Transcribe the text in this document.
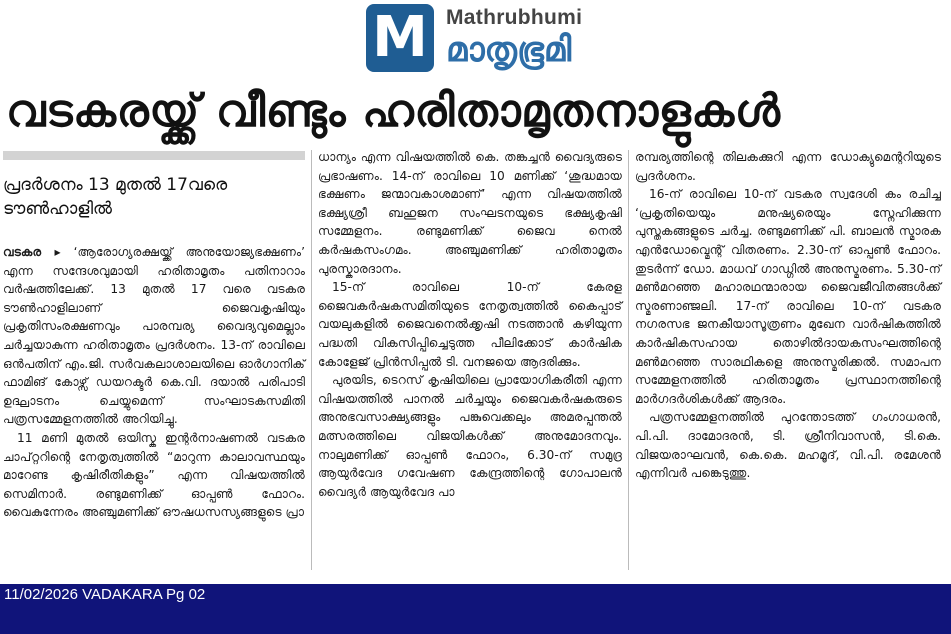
M Mathrubhumi
മാതൃഭൂമി
വടകരയ്ക്ക് വീണ്ടും ഹരിതാമൃതനാളുകൾ
പ്രദർശനം 13 മുതൽ 17വരെ ടൗൺഹാളിൽ

വടകര ▸ ‘ആരോഗ്യരക്ഷയ്ക്ക് അനുയോജ്യഭക്ഷണം’ എന്ന സന്ദേശവുമായി ഹരിതാമൃതം പതിനാറാം വർഷത്തിലേക്ക്. 13 മുതൽ 17 വരെ വടകര ടൗൺഹാളിലാണ് ജൈവകൃഷിയും പ്രകൃതിസംരക്ഷണവും പാരമ്പര്യ വൈദ്യവുമെല്ലാം ചർച്ചയാകുന്ന ഹരിതാമൃതം പ്രദർശനം. 13-ന് രാവിലെ ഒൻപതിന് എം.ജി. സർവകലാശാലയിലെ ഓർഗാനിക് ഫാമിങ് കോഴ്സ് ഡയറക്ടർ കെ.വി. ദയാൽ പരിപാടി ഉദ്ഘാടനം ചെയ്യുമെന്ന് സംഘാടകസമിതി പത്രസമ്മേളനത്തിൽ അറിയിച്ചു.

11 മണി മുതൽ ഒയിസ്ക ഇന്റർനാഷണൽ വടകര ചാപ്റ്ററിന്റെ നേതൃത്വത്തിൽ “മാറുന്ന കാലാവസ്ഥയും മാറേണ്ട കൃഷിരീതികളും” എന്ന വിഷയത്തിൽ സെമിനാർ. രണ്ടുമണിക്ക് ഓപ്പൺ ഫോറം. വൈകുന്നേരം അഞ്ചുമണിക്ക് ഔഷധസസ്യങ്ങളുടെ പ്രാ

ധാന്യം എന്ന വിഷയത്തിൽ കെ. തങ്കച്ചൻ വൈദ്യരുടെ പ്രഭാഷണം. 14-ന് രാവിലെ 10 മണിക്ക് ‘ശുദ്ധമായ ഭക്ഷണം ജന്മാവകാശമാണ്’ എന്ന വിഷയത്തിൽ ഭക്ഷ്യശ്രീ ബഹുജന സംഘടനയുടെ ഭക്ഷ്യകൃഷി സമ്മേളനം. രണ്ടുമണിക്ക് ജൈവ നെൽ കർഷകസംഗമം. അഞ്ചുമണിക്ക് ഹരിതാമൃതം പുരസ്കാരദാനം.

15-ന് രാവിലെ 10-ന് കേരള ജൈവകർഷകസമിതിയുടെ നേതൃത്വത്തിൽ കൈപ്പാട് വയലുകളിൽ ജൈവനെൽക്കൃഷി നടത്താൻ കഴിയുന്ന പദ്ധതി വികസിപ്പിച്ചെടുത്ത പീലിക്കോട് കാർഷിക കോളേജ് പ്രിൻസിപ്പൽ ടി. വനജയെ ആദരിക്കും.

പുരയിട, ടെറസ് കൃഷിയിലെ പ്രായോഗികരീതി എന്ന വിഷയത്തിൽ പാനൽ ചർച്ചയും ജൈവകർഷകരുടെ അനുഭവസാക്ഷ്യങ്ങളും പങ്കുവെക്കലും അമരപ്പന്തൽ മത്സരത്തിലെ വിജയികൾക്ക് അനുമോദനവും. നാലുമണിക്ക് ഓപ്പൺ ഫോറം, 6.30-ന് സമുദ്ര ആയുർവേദ ഗവേഷണ കേന്ദ്രത്തിന്റെ ഗോപാലൻ വൈദ്യർ ആയുർവേദ പാ

രമ്പര്യത്തിന്റെ തിലകക്കുറി എന്ന ഡോക്യുമെന്ററിയുടെ പ്രദർശനം.

16-ന് രാവിലെ 10-ന് വടകര സ്വദേശി കം രചിച്ച ‘പ്രകൃതിയെയും മനുഷ്യരെയും സ്നേഹിക്കുന്ന പുസ്തകങ്ങളുടെ ചർച്ച. രണ്ടുമണിക്ക് പി. ബാലൻ സ്മാരക എൻഡോവ്മെന്റ് വിതരണം. 2.30-ന് ഓപ്പൺ ഫോറം. തുടർന്ന് ഡോ. മാധവ് ഗാഡ്ഗിൽ അനുസ്മരണം. 5.30-ന് മൺമറഞ്ഞ മഹാരഥന്മാരായ ജൈവജീവിതങ്ങൾക്ക് സ്മരണാഞ്ജലി. 17-ന് രാവിലെ 10-ന് വടകര നഗരസഭ ജനകീയാസൂത്രണം മുഖേന വാർഷികത്തിൽ കാർഷികസഹായ തൊഴിൽദായകസംഘത്തിന്റെ മൺമറഞ്ഞ സാരഥികളെ അനുസ്മരിക്കൽ. സമാപന സമ്മേളനത്തിൽ ഹരിതാമൃതം പ്രസ്ഥാനത്തിന്റെ മാർഗദർശികൾക്ക് ആദരം.

പത്രസമ്മേളനത്തിൽ പുറന്തോടത്ത് ഗംഗാധരൻ, പി.പി. ദാമോദരൻ, ടി. ശ്രീനിവാസൻ, ടി.കെ. വിജയരാഘവൻ, കെ.കെ. മഹമൂദ്, വി.പി. രമേശൻ എന്നിവർ പങ്കെടുത്തു.

11/02/2026 VADAKARA Pg 02
